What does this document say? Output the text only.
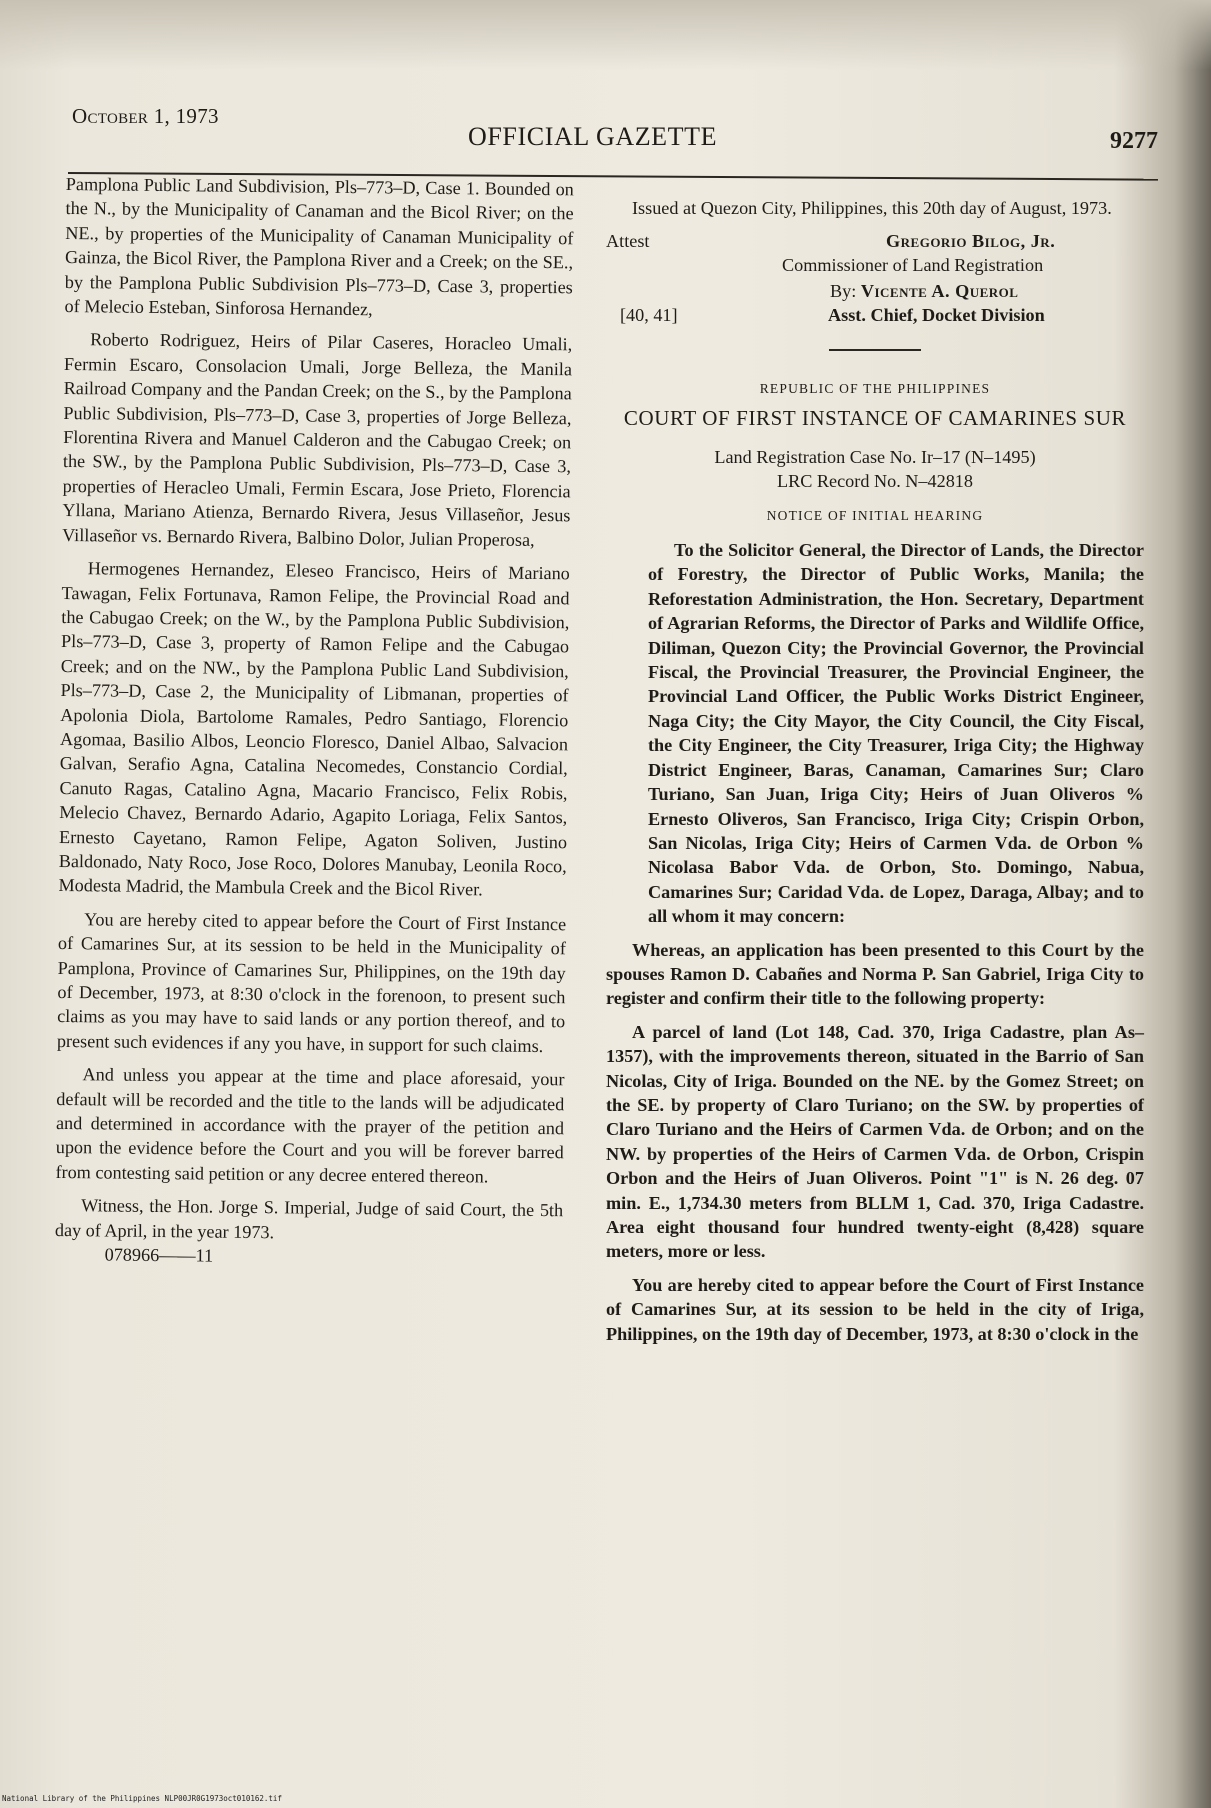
October 1, 1973
OFFICIAL GAZETTE	9277

Pamplona Public Land Subdivision, Pls–773–D, Case 1. Bounded on the N., by the Municipality of Canaman and the Bicol River; on the NE., by properties of the Municipality of Canaman Municipality of Gainza, the Bicol River, the Pamplona River and a Creek; on the SE., by the Pamplona Public Subdivision Pls–773–D, Case 3, properties of Melecio Esteban, Sinforosa Hernandez,

Roberto Rodriguez, Heirs of Pilar Caseres, Horacleo Umali, Fermin Escaro, Consolacion Umali, Jorge Belleza, the Manila Railroad Company and the Pandan Creek; on the S., by the Pamplona Public Subdivision, Pls–773–D, Case 3, properties of Jorge Belleza, Florentina Rivera and Manuel Calderon and the Cabugao Creek; on the SW., by the Pamplona Public Subdivision, Pls–773–D, Case 3, properties of Heracleo Umali, Fermin Escara, Jose Prieto, Florencia Yllana, Mariano Atienza, Bernardo Rivera, Jesus Villaseñor, Jesus Villaseñor vs. Bernardo Rivera, Balbino Dolor, Julian Properosa,

Hermogenes Hernandez, Eleseo Francisco, Heirs of Mariano Tawagan, Felix Fortunava, Ramon Felipe, the Provincial Road and the Cabugao Creek; on the W., by the Pamplona Public Subdivision, Pls–773–D, Case 3, property of Ramon Felipe and the Cabugao Creek; and on the NW., by the Pamplona Public Land Subdivision, Pls–773–D, Case 2, the Municipality of Libmanan, properties of Apolonia Diola, Bartolome Ramales, Pedro Santiago, Florencio Agomaa, Basilio Albos, Leoncio Floresco, Daniel Albao, Salvacion Galvan, Serafio Agna, Catalina Necomedes, Constancio Cordial, Canuto Ragas, Catalino Agna, Macario Francisco, Felix Robis, Melecio Chavez, Bernardo Adario, Agapito Loriaga, Felix Santos, Ernesto Cayetano, Ramon Felipe, Agaton Soliven, Justino Baldonado, Naty Roco, Jose Roco, Dolores Manubay, Leonila Roco, Modesta Madrid, the Mambula Creek and the Bicol River.

You are hereby cited to appear before the Court of First Instance of Camarines Sur, at its session to be held in the Municipality of Pamplona, Province of Camarines Sur, Philippines, on the 19th day of December, 1973, at 8:30 o'clock in the forenoon, to present such claims as you may have to said lands or any portion thereof, and to present such evidences if any you have, in support for such claims.

And unless you appear at the time and place aforesaid, your default will be recorded and the title to the lands will be adjudicated and determined in accordance with the prayer of the petition and upon the evidence before the Court and you will be forever barred from contesting said petition or any decree entered thereon.

Witness, the Hon. Jorge S. Imperial, Judge of said Court, the 5th day of April, in the year 1973.

078966——11

Issued at Quezon City, Philippines, this 20th day of August, 1973.

Attest	Gregorio Bilog, Jr.
Commissioner of Land Registration
By: Vicente A. Querol
[40, 41]	Asst. Chief, Docket Division
REPUBLIC OF THE PHILIPPINES
COURT OF FIRST INSTANCE OF CAMARINES SUR
Land Registration Case No. Ir–17 (N–1495)
LRC Record No. N–42818
NOTICE OF INITIAL HEARING

To the Solicitor General, the Director of Lands, the Director of Forestry, the Director of Public Works, Manila; the Reforestation Administration, the Hon. Secretary, Department of Agrarian Reforms, the Director of Parks and Wildlife Office, Diliman, Quezon City; the Provincial Governor, the Provincial Fiscal, the Provincial Treasurer, the Provincial Engineer, the Provincial Land Officer, the Public Works District Engineer, Naga City; the City Mayor, the City Council, the City Fiscal, the City Engineer, the City Treasurer, Iriga City; the Highway District Engineer, Baras, Canaman, Camarines Sur; Claro Turiano, San Juan, Iriga City; Heirs of Juan Oliveros % Ernesto Oliveros, San Francisco, Iriga City; Crispin Orbon, San Nicolas, Iriga City; Heirs of Carmen Vda. de Orbon % Nicolasa Babor Vda. de Orbon, Sto. Domingo, Nabua, Camarines Sur; Caridad Vda. de Lopez, Daraga, Albay; and to all whom it may concern:

Whereas, an application has been presented to this Court by the spouses Ramon D. Cabañes and Norma P. San Gabriel, Iriga City to register and confirm their title to the following property:

A parcel of land (Lot 148, Cad. 370, Iriga Cadastre, plan As–1357), with the improvements thereon, situated in the Barrio of San Nicolas, City of Iriga. Bounded on the NE. by the Gomez Street; on the SE. by property of Claro Turiano; on the SW. by properties of Claro Turiano and the Heirs of Carmen Vda. de Orbon; and on the NW. by properties of the Heirs of Carmen Vda. de Orbon, Crispin Orbon and the Heirs of Juan Oliveros. Point "1" is N. 26 deg. 07 min. E., 1,734.30 meters from BLLM 1, Cad. 370, Iriga Cadastre. Area eight thousand four hundred twenty-eight (8,428) square meters, more or less.

You are hereby cited to appear before the Court of First Instance of Camarines Sur, at its session to be held in the city of Iriga, Philippines, on the 19th day of December, 1973, at 8:30 o'clock in the

National Library of the Philippines NLP00JR0G1973oct010162.tif
